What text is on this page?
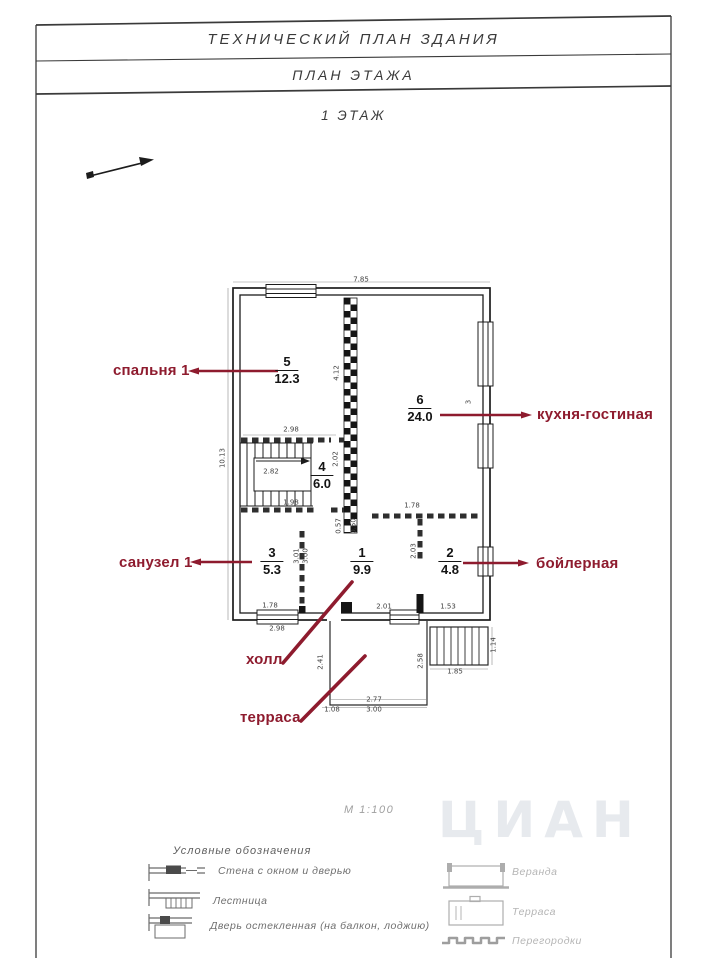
ТЕХНИЧЕСКИЙ ПЛАН ЗДАНИЯ
ПЛАН ЭТАЖА
1 ЭТАЖ
5
12.3
6
24.0
4
6.0
3
5.3
1
9.9
2
4.8
спальня 1
санузел 1
кухня-гостиная
бойлерная
холл
терраса
7.85
10.13
4.12
2.98
2.82
2.02
1.98
0.57 0.50
1.78
3.01 3.00	2.03
1.78	2.01	1.53
2.98
3
2.41
2.77
3.00
1.08
2.58
1.85
1.14
М 1:100 ЦИАН
Условные обозначения
Стена с окном и дверью
Лестница
Дверь остекленная (на балкон, лоджию)
Веранда
Терраса
Перегородки
